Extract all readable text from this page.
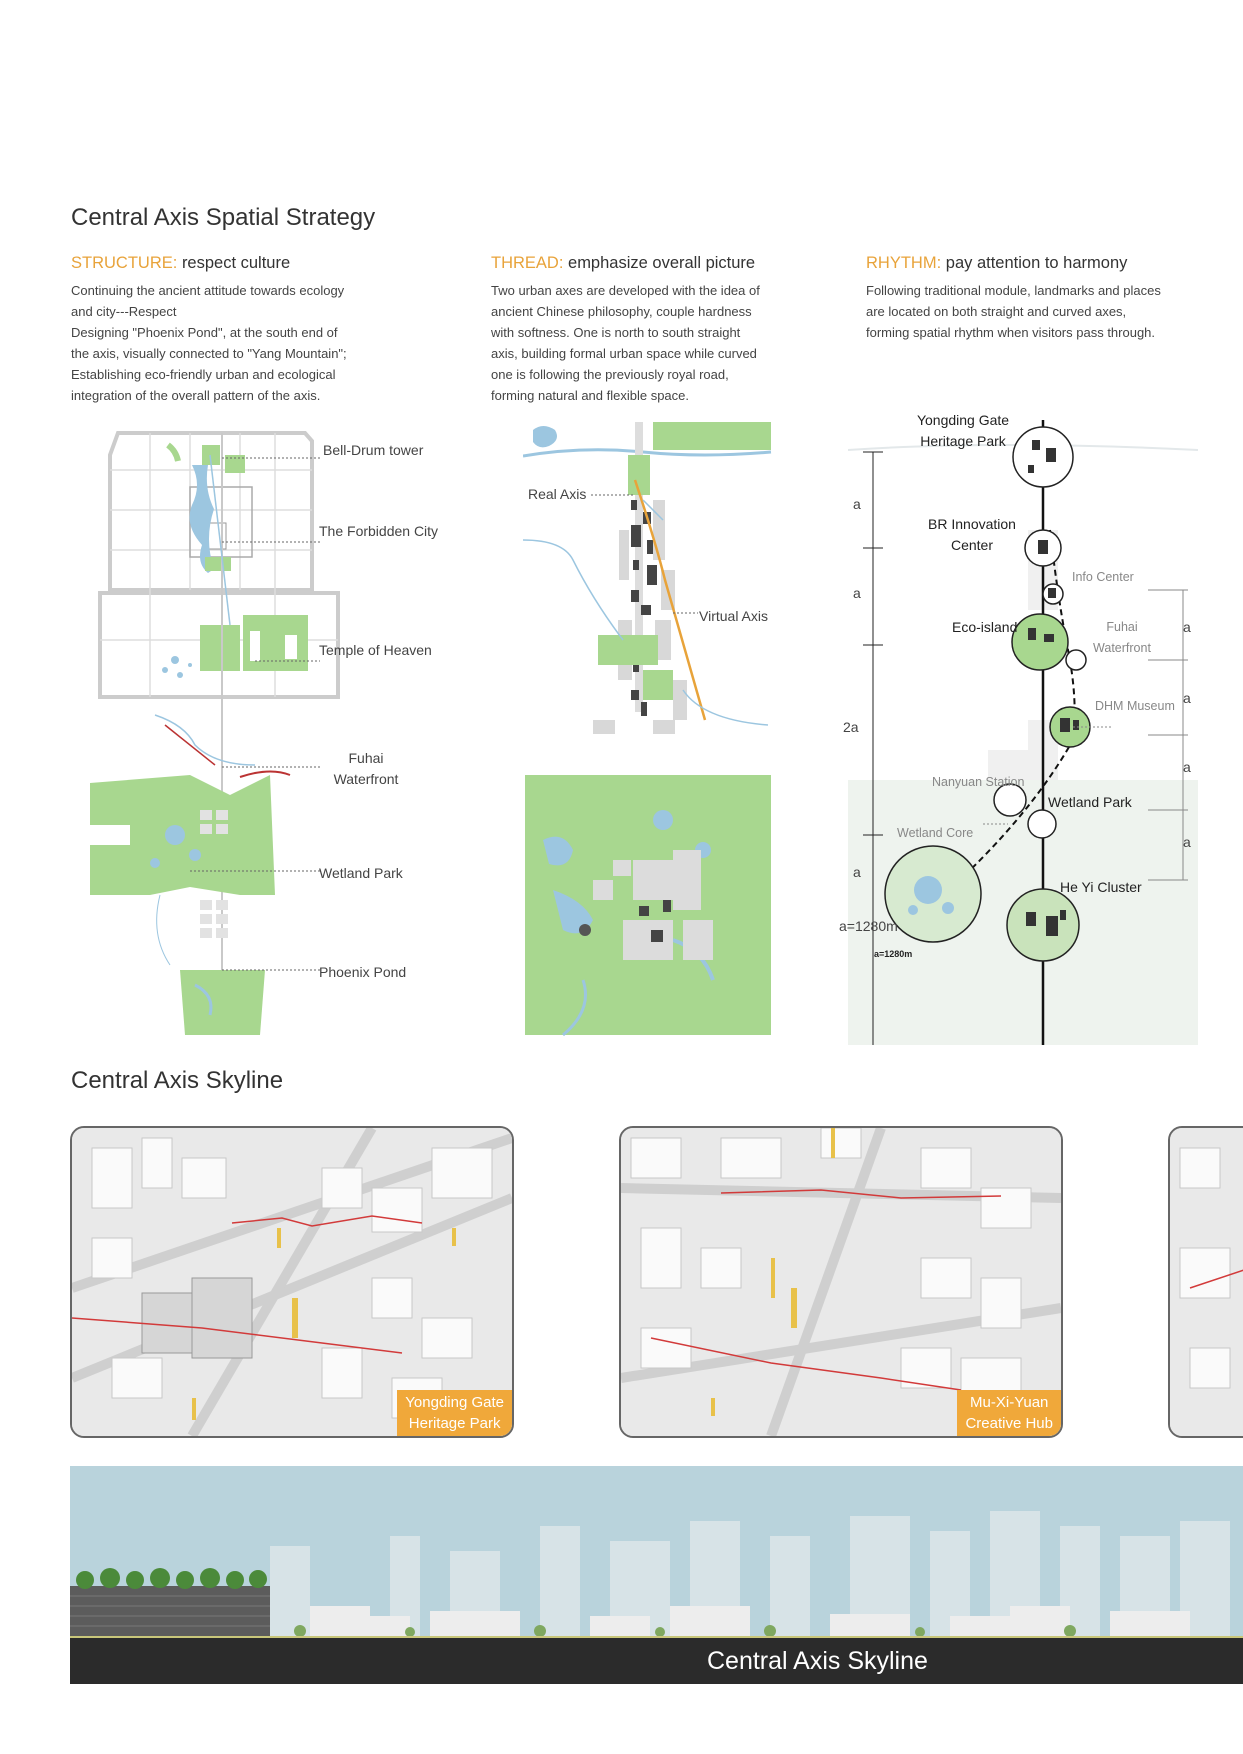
Central Axis Spatial Strategy
STRUCTURE: respect culture
Continuing the ancient attitude towards ecology
and city---Respect
Designing "Phoenix Pond", at the south end of
the axis, visually connected to "Yang Mountain";
Establishing eco-friendly urban and ecological
integration of the overall pattern of the axis.
THREAD: emphasize overall picture
Two urban axes are developed with the idea of
ancient Chinese philosophy, couple hardness
with softness. One is north to south straight
axis, building formal urban space while curved
one is following the previously royal road,
forming natural and flexible space.
RHYTHM: pay attention to harmony
Following traditional module, landmarks and places
are located on both straight and curved axes,
forming spatial rhythm when visitors pass through.
Bell-Drum tower
The Forbidden City
Temple of Heaven
Fuhai
Waterfront
Wetland Park
Phoenix Pond
Real Axis
Virtual Axis
Yongding Gate
Heritage Park
BR Innovation
Center
Info Center
Eco-island	Fuhai
Waterfront
DHM Museum
Nanyuan Station
Wetland Park
Wetland Core
He Yi Cluster
a
a
2a
a
a=1280m
a=1280m
a
a
a
a
Central Axis Skyline
Yongding Gate
Heritage Park
Mu-Xi-Yuan
Creative Hub
Central Axis Skyline
